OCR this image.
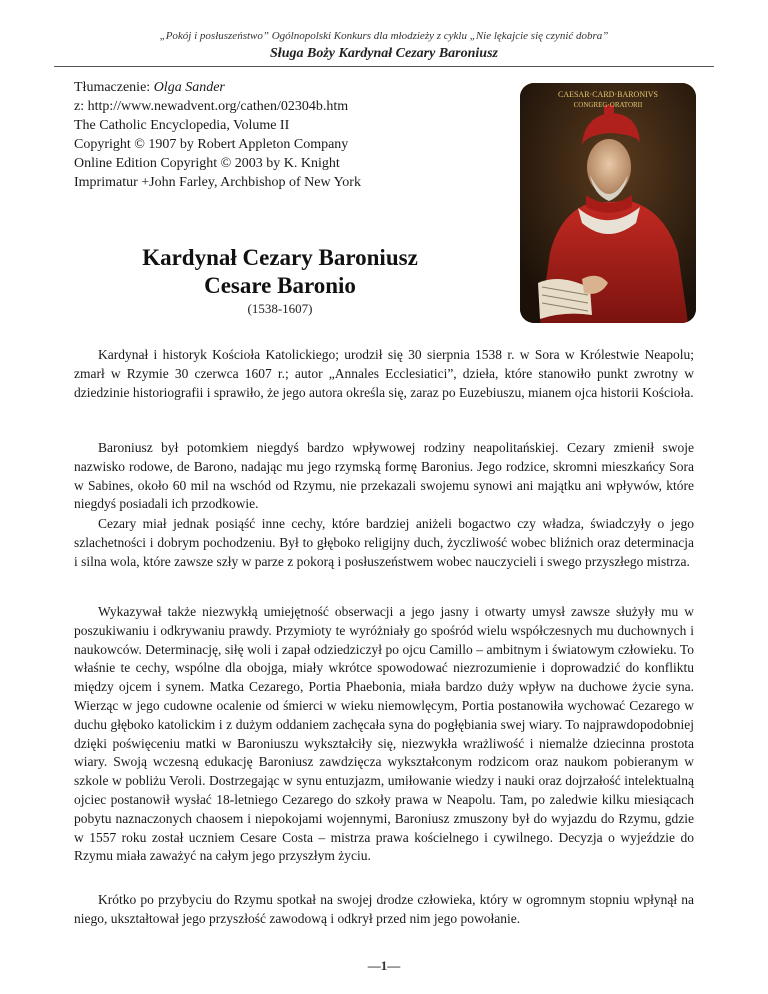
„Pokój i posłuszeństwo” Ogólnopolski Konkurs dla młodzieży z cyklu „Nie lękajcie się czynić dobra”
Sługa Boży Kardynał Cezary Baroniusz
Tłumaczenie: Olga Sander
z: http://www.newadvent.org/cathen/02304b.htm
The Catholic Encyclopedia, Volume II
Copyright © 1907 by Robert Appleton Company
Online Edition Copyright © 2003 by K. Knight
Imprimatur +John Farley, Archbishop of New York
CAESAR·CARD·BARONIVS
CONGREG·ORATORII
Kardynał Cezary Baroniusz
Cesare Baronio
(1538-1607)

Kardynał i historyk Kościoła Katolickiego; urodził się 30 sierpnia 1538 r. w Sora w Królestwie Neapolu; zmarł w Rzymie 30 czerwca 1607 r.; autor „Annales Ecclesiatici”, dzieła, które stanowiło punkt zwrotny w dziedzinie historiografii i sprawiło, że jego autora określa się, zaraz po Euzebiuszu, mianem ojca historii Kościoła.

Baroniusz był potomkiem niegdyś bardzo wpływowej rodziny neapolitańskiej. Cezary zmienił swoje nazwisko rodowe, de Barono, nadając mu jego rzymską formę Baronius. Jego rodzice, skromni mieszkańcy Sora w Sabines, około 60 mil na wschód od Rzymu, nie przekazali swojemu synowi ani majątku ani wpływów, które niegdyś posiadali ich przodkowie.

Cezary miał jednak posiąść inne cechy, które bardziej aniżeli bogactwo czy władza, świadczyły o jego szlachetności i dobrym pochodzeniu. Był to głęboko religijny duch, życzliwość wobec bliźnich oraz determinacja i silna wola, które zawsze szły w parze z pokorą i posłuszeństwem wobec nauczycieli i swego przyszłego mistrza.

Wykazywał także niezwykłą umiejętność obserwacji a jego jasny i otwarty umysł zawsze służyły mu w poszukiwaniu i odkrywaniu prawdy. Przymioty te wyróżniały go spośród wielu współczesnych mu duchownych i naukowców. Determinację, siłę woli i zapał odziedziczył po ojcu Camillo – ambitnym i światowym człowieku. To właśnie te cechy, wspólne dla obojga, miały wkrótce spowodować niezrozumienie i doprowadzić do konfliktu między ojcem i synem. Matka Cezarego, Portia Phaebonia, miała bardzo duży wpływ na duchowe życie syna. Wierząc w jego cudowne ocalenie od śmierci w wieku niemowlęcym, Portia postanowiła wychować Cezarego w duchu głęboko katolickim i z dużym oddaniem zachęcała syna do pogłębiania swej wiary. To najprawdopodobniej dzięki poświęceniu matki w Baroniuszu wykształciły się, niezwykła wrażliwość i niemalże dziecinna prostota wiary. Swoją wczesną edukację Baroniusz zawdzięcza wykształconym rodzicom oraz naukom pobieranym w szkole w pobliżu Veroli. Dostrzegając w synu entuzjazm, umiłowanie wiedzy i nauki oraz dojrzałość intelektualną ojciec postanowił wysłać 18-letniego Cezarego do szkoły prawa w Neapolu. Tam, po zaledwie kilku miesiącach pobytu naznaczonych chaosem i niepokojami wojennymi, Baroniusz zmuszony był do wyjazdu do Rzymu, gdzie w 1557 roku został uczniem Cesare Costa – mistrza prawa kościelnego i cywilnego. Decyzja o wyjeździe do Rzymu miała zaważyć na całym jego przyszłym życiu.

Krótko po przybyciu do Rzymu spotkał na swojej drodze człowieka, który w ogromnym stopniu wpłynął na niego, ukształtował jego przyszłość zawodową i odkrył przed nim jego powołanie.

—1—
